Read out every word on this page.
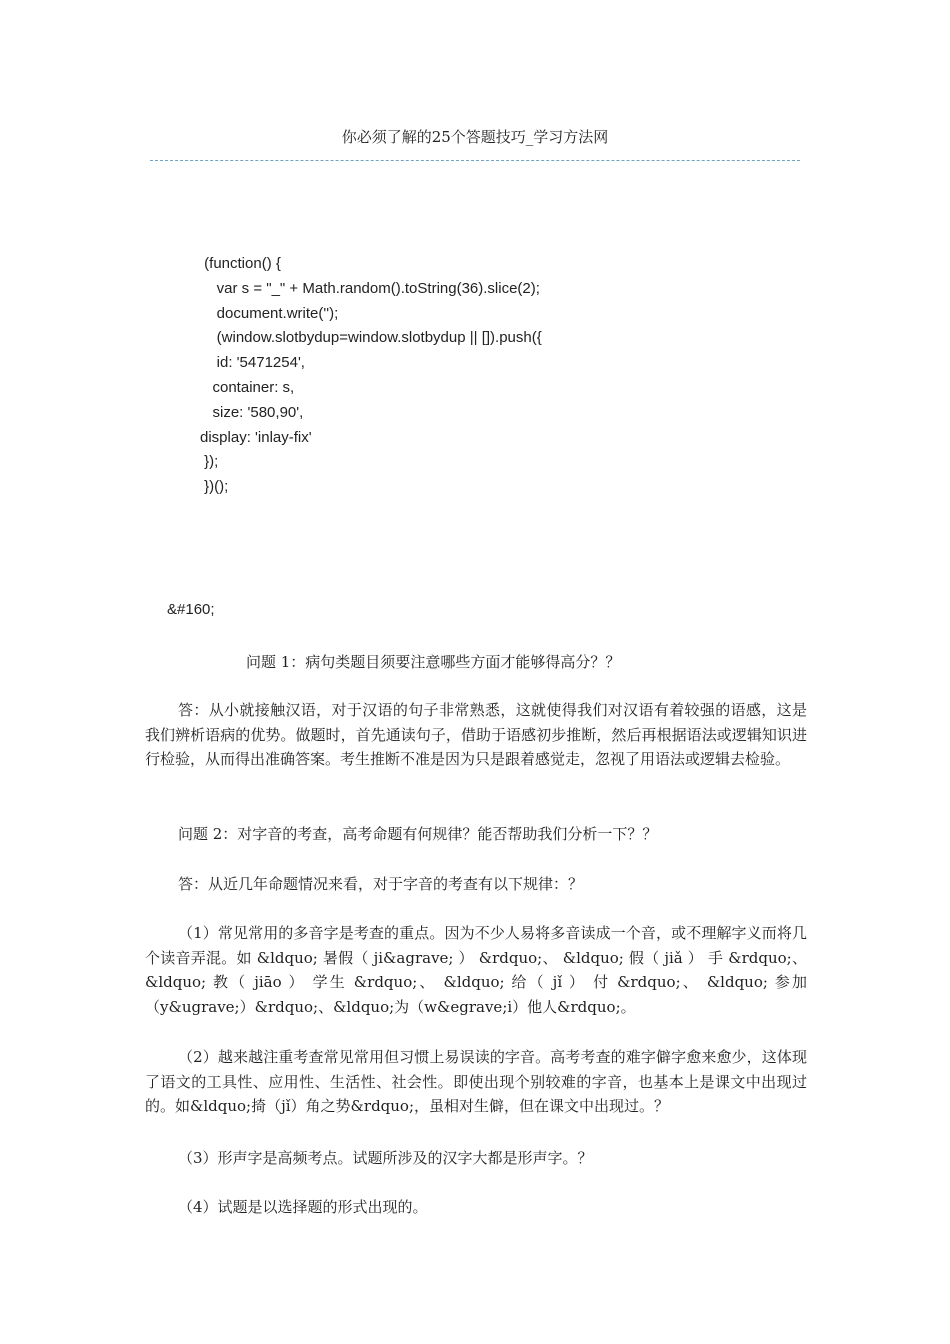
你必须了解的25个答题技巧_学习方法网
(function() {
var s = "_" + Math.random().toString(36).slice(2);
document.write('');
(window.slotbydup=window.slotbydup || []).push({
id: '5471254',
container: s,
size: '580,90',
display: 'inlay-fix'
});
})();
&#160;
问题 1：病句类题目须要注意哪些方面才能够得高分？？
答：从小就接触汉语，对于汉语的句子非常熟悉，这就使得我们对汉语有着较强的语感，这是我们辨析语病的优势。做题时，首先通读句子，借助于语感初步推断，然后再根据语法或逻辑知识进行检验，从而得出准确答案。考生推断不准是因为只是跟着感觉走，忽视了用语法或逻辑去检验。
问题 2：对字音的考查，高考命题有何规律？能否帮助我们分析一下？？
答：从近几年命题情况来看，对于字音的考查有以下规律：？
（1）常见常用的多音字是考查的重点。因为不少人易将多音读成一个音，或不理解字义而将几个读音弄混。如 &ldquo; 暑假（ ji&agrave; ） &rdquo;、 &ldquo; 假（ jiǎ ） 手 &rdquo;、 &ldquo; 教（ jiāo ） 学生 &rdquo;、 &ldquo; 给（ jǐ ） 付 &rdquo;、 &ldquo; 参加（y&ugrave;）&rdquo;、&ldquo;为（w&egrave;i）他人&rdquo;。
（2）越来越注重考查常见常用但习惯上易误读的字音。高考考查的难字僻字愈来愈少，这体现了语文的工具性、应用性、生活性、社会性。即使出现个别较难的字音，也基本上是课文中出现过的。如&ldquo;掎（jǐ）角之势&rdquo;，虽相对生僻，但在课文中出现过。？
（3）形声字是高频考点。试题所涉及的汉字大都是形声字。？
（4）试题是以选择题的形式出现的。
